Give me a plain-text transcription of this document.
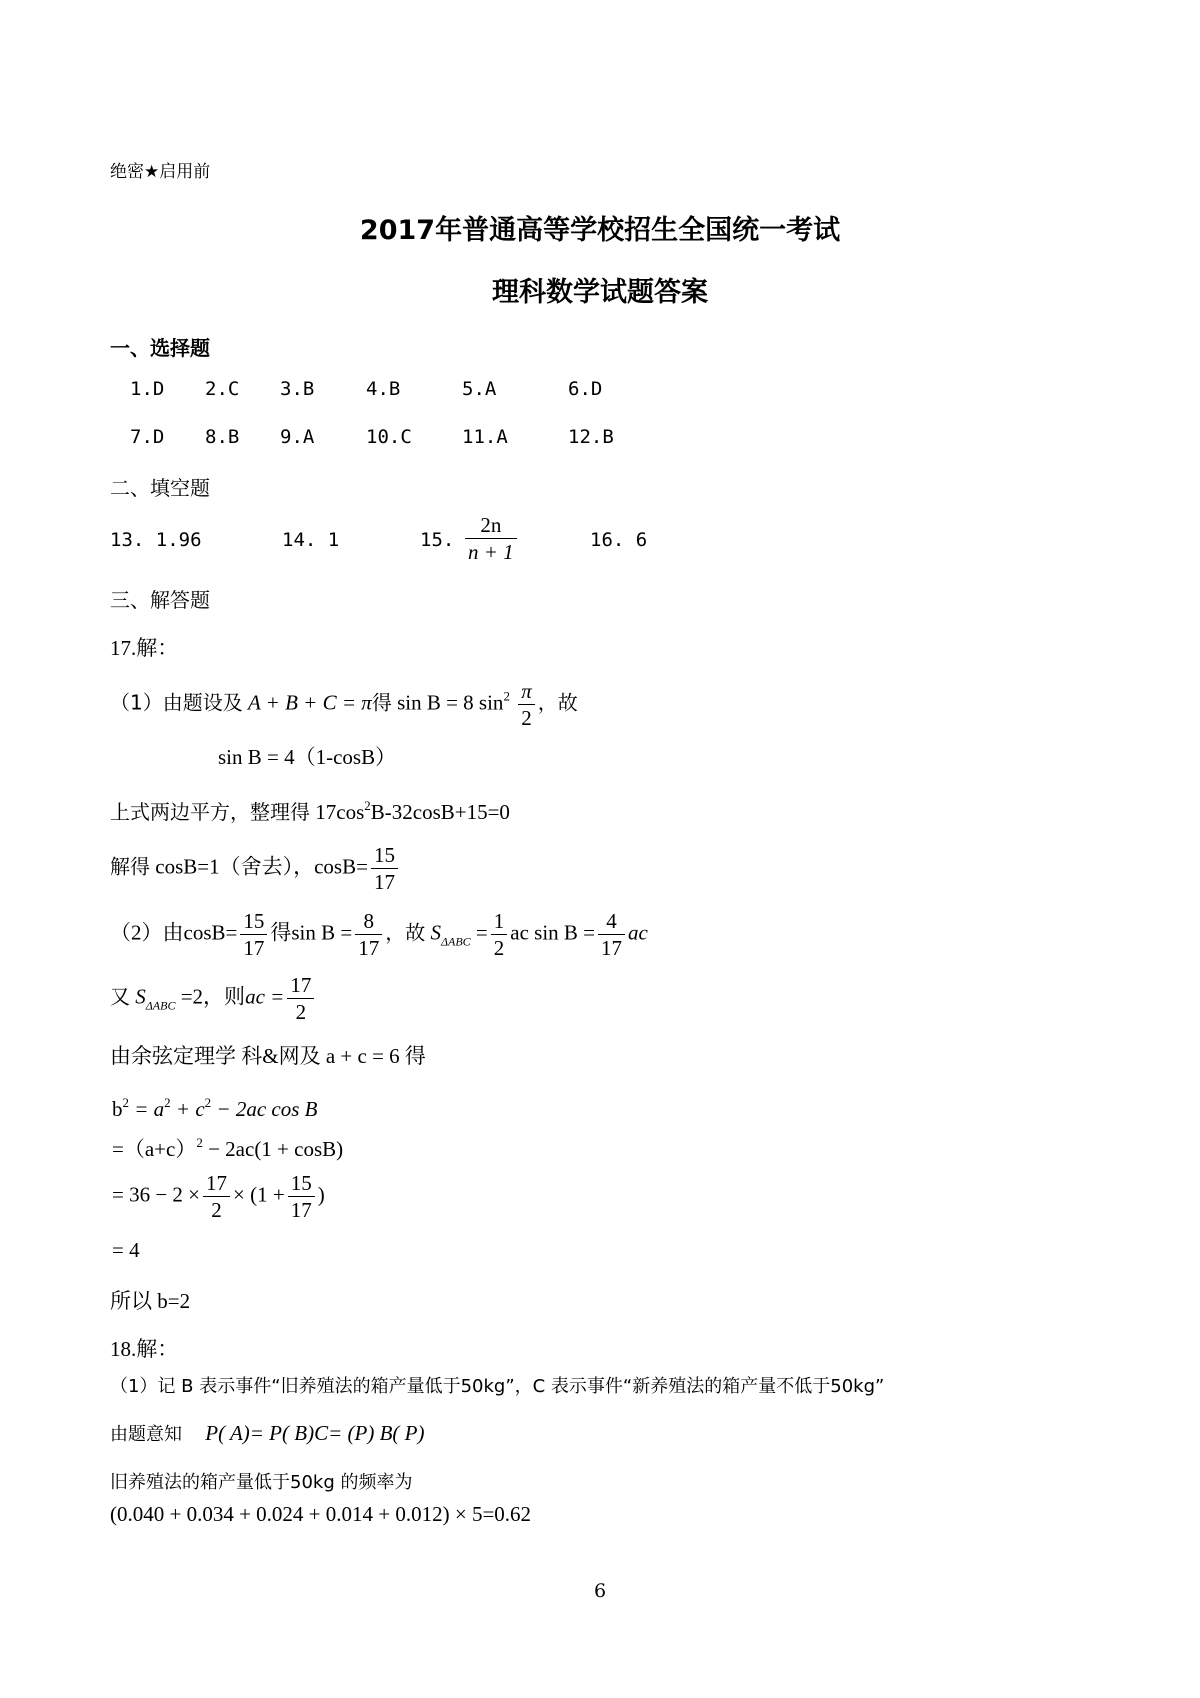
绝密★启用前
2017年普通高等学校招生全国统一考试
理科数学试题答案
一、选择题
1.D 2.C 3.B	4.B	5.A	6.D
7.D 8.B 9.A	10.C	11.A	12.B
二、填空题
13. 1.96	14. 1	15. $\frac{2n}{n + 1}$	16. 6
三、解答题
17.解：
（1）由题设及 A + B + C = π得 sin B = 8 $\sin^2 \frac{\pi}{2}$ ，故
sin B = 4（1-cosB）
上式两边平方，整理得 $17\cos^2B-32\cos B+15=0$
解得 cosB=1（舍去），$\cos B= \frac{15}{17}$
（2）由$\cos B= \frac{15}{17}$ 得$\sin B = \frac{8}{17}$ ，故 $S_{\Delta ABC} = \frac{1}{2}$ ac $\sin B = \frac{4}{17}$ ac
又 $S_{\Delta ABC} =2$，则ac = $\frac{17}{2}$
由余弦定理学 科&网及 a + c = 6 得
$b^2 = a^2 + c^2 - 2ac$ cos B
$=(a+c)^2 - 2ac(1 + \cos B)$
= $36 - 2 \times \frac{17}{2} \times (1 + \frac{15}{17}$ )
= 4
所以 b=2
18.解：
（1）记 B 表示事件“旧养殖法的箱产量低于50kg”，C 表示事件“新养殖法的箱产量不低于50kg”
由题意知 P( A)= P( B)C= (P) B( P)
旧养殖法的箱产量低于50kg 的频率为
(0.040 + 0.034 + 0.024 + 0.014 + 0.012) × 5=0.62
6
